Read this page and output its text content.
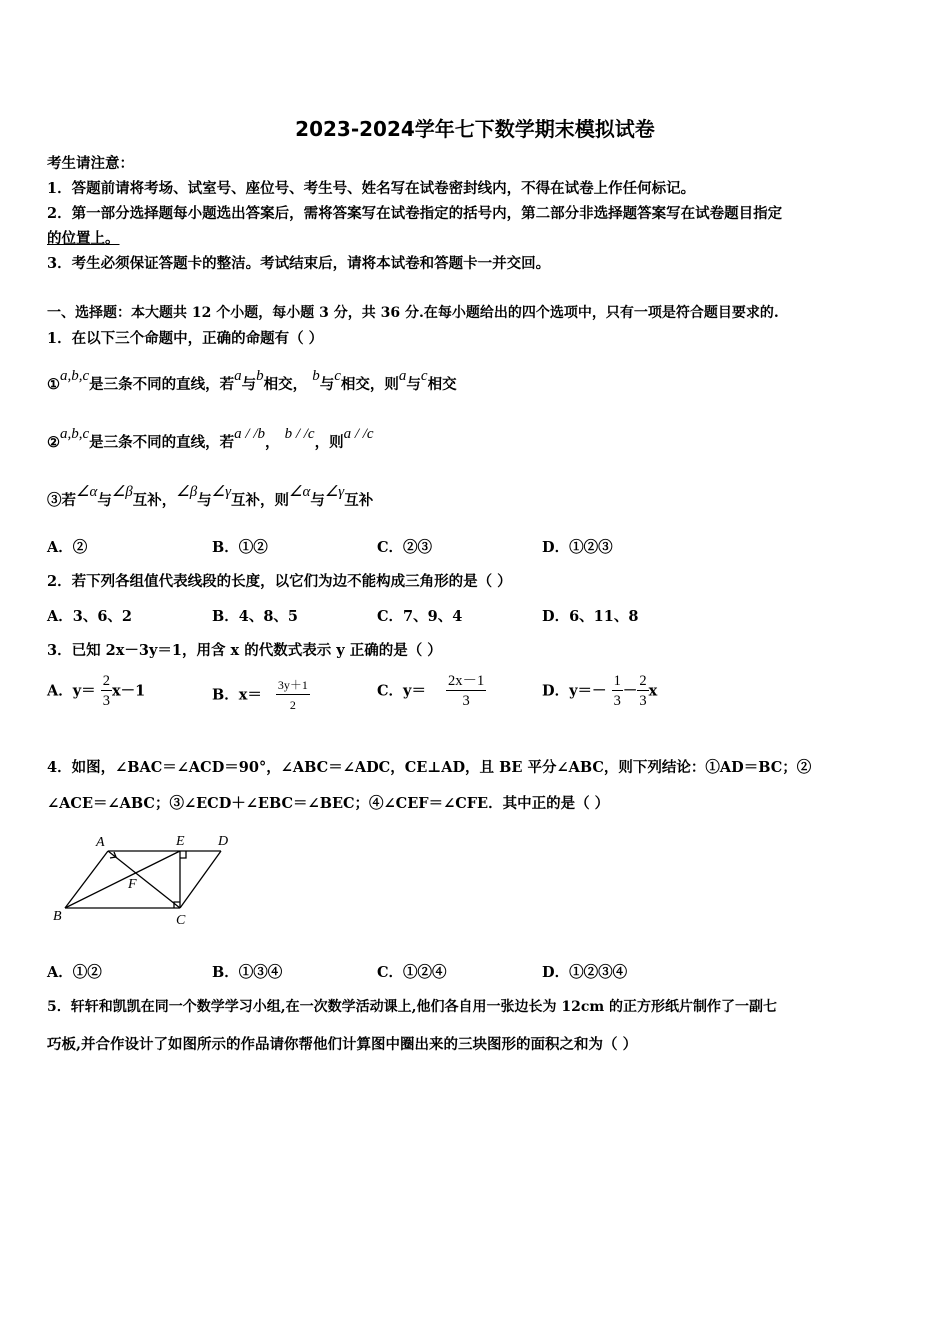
2023-2024学年七下数学期末模拟试卷
考生请注意：
1．答题前请将考场、试室号、座位号、考生号、姓名写在试卷密封线内，不得在试卷上作任何标记。
2．第一部分选择题每小题选出答案后，需将答案写在试卷指定的括号内，第二部分非选择题答案写在试卷题目指定
的位置上。
3．考生必须保证答题卡的整洁。考试结束后，请将本试卷和答题卡一并交回。
一、选择题：本大题共 12 个小题，每小题 3 分，共 36 分.在每小题给出的四个选项中，只有一项是符合题目要求的.
1．在以下三个命题中，正确的命题有（ ）
①a,b,c是三条不同的直线，若a与b相交， b与c相交，则a与c相交
②a,b,c是三条不同的直线，若a / /b， b / /c，则a / /c
③若∠α与∠β互补，∠β与∠γ互补，则∠α与∠γ互补
A．②	B．①②	C．②③	D．①②③
2．若下列各组值代表线段的长度，以它们为边不能构成三角形的是（ ）
A．3、6、2	B．4、8、5	C．7、9、4	D．6、11、8
3．已知 2x－3y＝1，用含 x 的代数式表示 y 正确的是（ ）
A．$y= \frac{2}{3} x-1$	B．$x= \frac{3y+1}{2}$	C．$y= \frac{2x-1}{3}$	D．$y=- \frac{1}{3} - \frac{2}{3}$ x
4．如图，∠BAC＝∠ACD＝90°，∠ABC＝∠ADC，CE⊥AD，且 BE 平分∠ABC，则下列结论：①AD＝BC；②
∠ACE＝∠ABC；③∠ECD＋∠EBC＝∠BEC；④∠CEF＝∠CFE．其中正的是（ ）
A	E D
F
B	C
A．①②	B．①③④	C．①②④	D．①②③④
5．轩轩和凯凯在同一个数学学习小组,在一次数学活动课上,他们各自用一张边长为 12cm 的正方形纸片制作了一副七
巧板,并合作设计了如图所示的作品请你帮他们计算图中圈出来的三块图形的面积之和为（ ）
